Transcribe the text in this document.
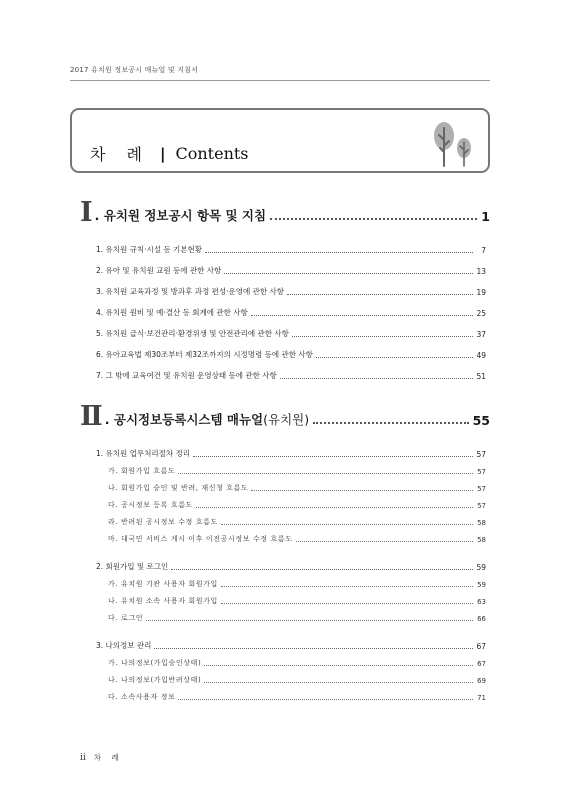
2017 유치원 정보공시 매뉴얼 및 지침서
차 례 | Contents
Ⅰ . 유치원 정보공시 항목 및 지침	1
1. 유치원 규칙·시설 등 기본현황	7
2. 유아 및 유치원 교원 등에 관한 사항	13
3. 유치원 교육과정 및 방과후 과정 편성·운영에 관한 사항	19
4. 유치원 원비 및 예·결산 등 회계에 관한 사항	25
5. 유치원 급식·보건관리·환경위생 및 안전관리에 관한 사항	37
6. 유아교육법 제30조부터 제32조까지의 시정명령 등에 관한 사항	49
7. 그 밖에 교육여건 및 유치원 운영상태 등에 관한 사항	51
Ⅱ . 공시정보등록시스템 매뉴얼(유치원)	55
1. 유치원 업무처리절차 정리	57
가. 회원가입 흐름도	57
나. 회원가입 승인 및 반려, 재신청 흐름도	57
다. 공시정보 등록 흐름도	57
라. 반려된 공시정보 수정 흐름도	58
마. 대국민 서비스 게시 이후 이전공시정보 수정 흐름도	58
2. 회원가입 및 로그인	59
가. 유치원 기관 사용자 회원가입	59
나. 유치원 소속 사용자 회원가입	63
다. 로그인	66
3. 나의정보 관리	67
가. 나의정보(가입승인상태)	67
나. 나의정보(가입반려상태)	69
다. 소속사용자 정보	71
ii 차 례
